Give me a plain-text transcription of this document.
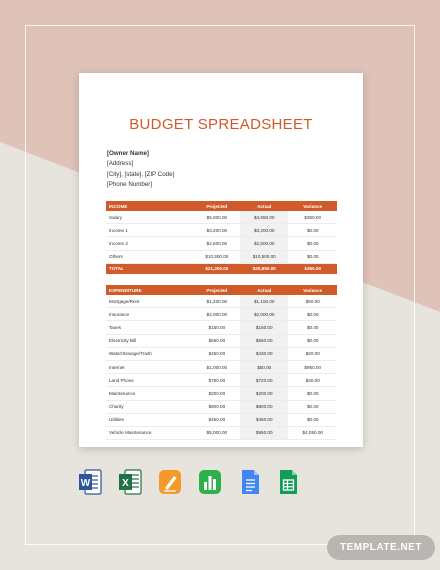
BUDGET SPREADSHEET
[Owner Name]
[Address]
[City], [state], [ZIP Code]
[Phone Number]
INCOME	Projected	Actual	Variance
Salary	$5,000.00	$4,650.00	$350.00
Income 1	$3,200.00	$3,200.00	$0.00
Income 2	$2,500.00	$2,500.00	$0.00
Others	$10,500.00	$10,500.00	$0.00
TOTAL	$21,200.00	$20,850.00	$350.00
EXPENDITURE	Projected	Actual	Variance
Mortgage/Rent	$1,200.00	$1,150.00	$50.00
Insurance	$2,000.00	$2,000.00	$0.00
Taxes	$150.00	$150.00	$0.00
Electricity Bill	$650.00	$650.00	$0.00
Water/Sewage/Trash	$450.00	$430.00	$20.00
Internet	$1,000.00	$50.00	$950.00
Land Phone	$750.00	$720.00	$30.00
Maintenance	$200.00	$200.00	$0.00
Charity	$800.00	$800.00	$0.00
Utilities	$450.00	$450.00	$0.00
Vehicle Maintenance	$5,000.00	$950.00	$4,050.00
W	X
TEMPLATE.NET
